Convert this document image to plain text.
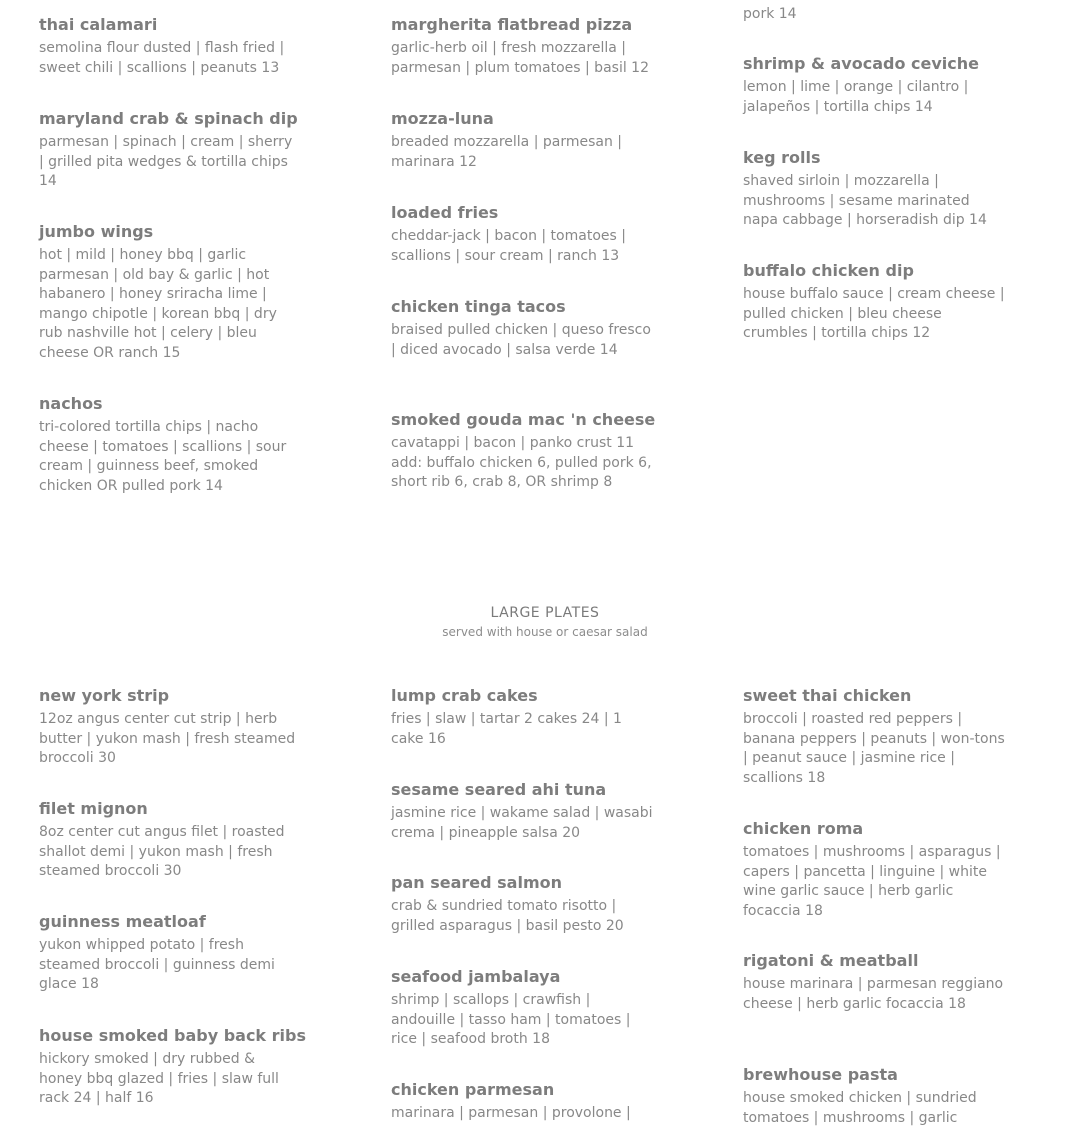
thai calamari
semolina flour dusted | flash fried | sweet chili | scallions | peanuts 13
maryland crab & spinach dip
parmesan | spinach | cream | sherry | grilled pita wedges & tortilla chips 14
jumbo wings
hot | mild | honey bbq | garlic parmesan | old bay & garlic | hot habanero | honey sriracha lime | mango chipotle | korean bbq | dry rub nashville hot | celery | bleu cheese OR ranch 15
nachos
tri-colored tortilla chips | nacho cheese | tomatoes | scallions | sour cream | guinness beef, smoked chicken OR pulled pork 14
margherita flatbread pizza
garlic-herb oil | fresh mozzarella | parmesan | plum tomatoes | basil 12
mozza-luna
breaded mozzarella | parmesan | marinara 12
loaded fries
cheddar-jack | bacon | tomatoes | scallions | sour cream | ranch 13
chicken tinga tacos
braised pulled chicken | queso fresco | diced avocado | salsa verde 14
smoked gouda mac 'n cheese
cavatappi | bacon | panko crust 11 add: buffalo chicken 6, pulled pork 6, short rib 6, crab 8, OR shrimp 8
pork 14
shrimp & avocado ceviche
lemon | lime | orange | cilantro | jalapeños | tortilla chips 14
keg rolls
shaved sirloin | mozzarella | mushrooms | sesame marinated napa cabbage | horseradish dip 14
buffalo chicken dip
house buffalo sauce | cream cheese | pulled chicken | bleu cheese crumbles | tortilla chips 12
LARGE PLATES
served with house or caesar salad
new york strip
12oz angus center cut strip | herb butter | yukon mash | fresh steamed broccoli 30
filet mignon
8oz center cut angus filet | roasted shallot demi | yukon mash | fresh steamed broccoli 30
guinness meatloaf
yukon whipped potato | fresh steamed broccoli | guinness demi glace 18
house smoked baby back ribs
hickory smoked | dry rubbed & honey bbq glazed | fries | slaw full rack 24 | half 16
lump crab cakes
fries | slaw | tartar 2 cakes 24 | 1 cake 16
sesame seared ahi tuna
jasmine rice | wakame salad | wasabi crema | pineapple salsa 20
pan seared salmon
crab & sundried tomato risotto | grilled asparagus | basil pesto 20
seafood jambalaya
shrimp | scallops | crawfish | andouille | tasso ham | tomatoes | rice | seafood broth 18
chicken parmesan
marinara | parmesan | provolone |
sweet thai chicken
broccoli | roasted red peppers | banana peppers | peanuts | won-tons | peanut sauce | jasmine rice | scallions 18
chicken roma
tomatoes | mushrooms | asparagus | capers | pancetta | linguine | white wine garlic sauce | herb garlic focaccia 18
rigatoni & meatball
house marinara | parmesan reggiano cheese | herb garlic focaccia 18
brewhouse pasta
house smoked chicken | sundried tomatoes | mushrooms | garlic
